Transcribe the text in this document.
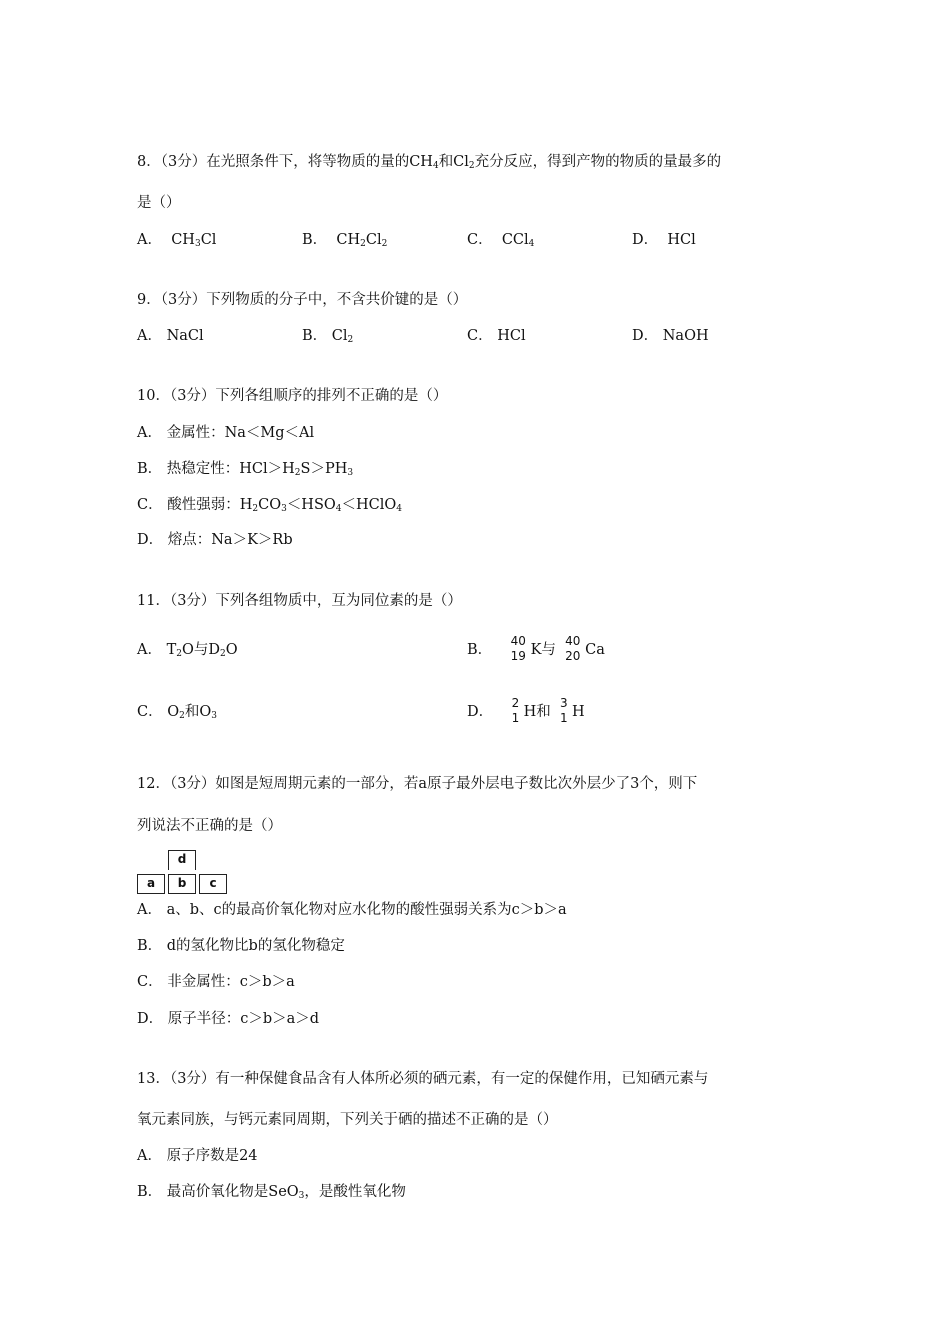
8．（3分）在光照条件下，将等物质的量的$CH_4$和$Cl_2$充分反应，得到产物的物质的量最多的
是（）
A． $CH_3Cl$	B． $CH_2Cl_2$	C． CCl$_4$	D． HCl
9．（3分）下列物质的分子中，不含共价键的是（）
A． NaCl	B． $Cl_2$	C． HCl	D． NaOH
10．（3分）下列各组顺序的排列不正确的是（）
A． 金属性：Na＜Mg＜Al
B． 热稳定性：$HCl>H_2S>PH_3$
C． 酸性强弱：$H_2CO_3<HSO_4<HClO_4$
D． 熔点：Na＞K＞Rb
11．（3分）下列各组物质中，互为同位素的是（）
A． $T_2O$与$D_2O$	B．
40
19 K与
40
20 Ca
C． $O_2$和$O_3$	D．
2
1 H和
3
1 H
12．（3分）如图是短周期元素的一部分，若a原子最外层电子数比次外层少了3个，则下
列说法不正确的是（）
d
a	b	c
A． a、b、c的最高价氧化物对应水化物的酸性强弱关系为c＞b＞a
B． d的氢化物比b的氢化物稳定
C． 非金属性：c＞b＞a
D． 原子半径：c＞b＞a＞d
13．（3分）有一种保健食品含有人体所必须的硒元素，有一定的保健作用，已知硒元素与
氧元素同族，与钙元素同周期，下列关于硒的描述不正确的是（）
A． 原子序数是24
B． 最高价氧化物是SeO$_3$，是酸性氧化物
